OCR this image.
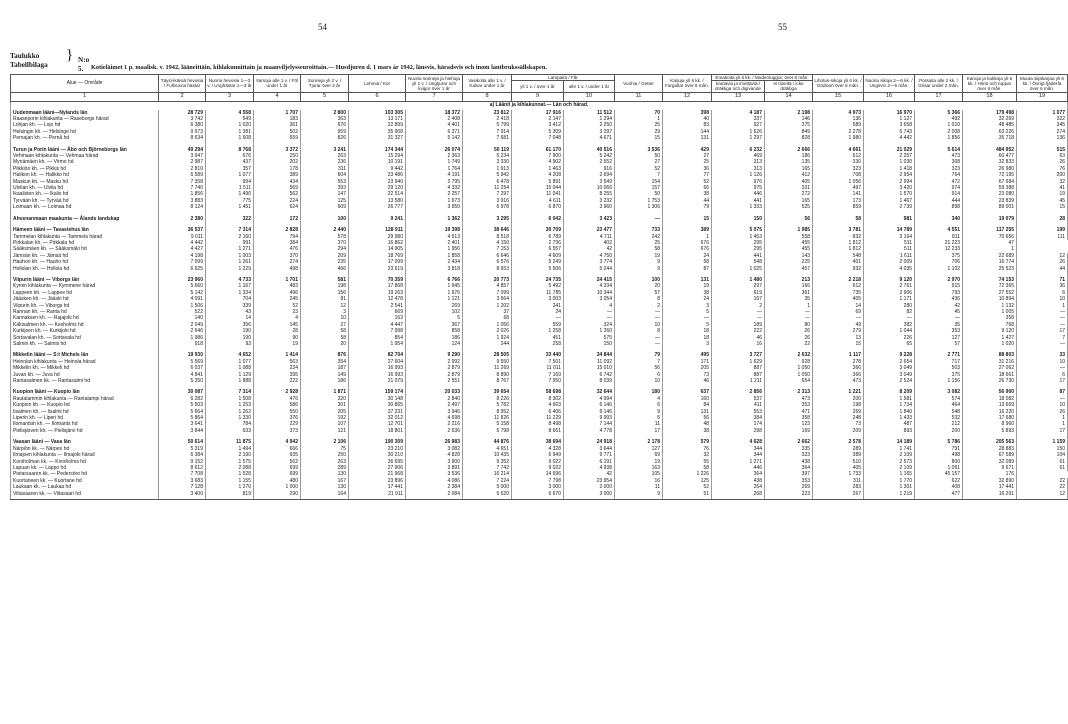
54	55
Taulukko
Tabellbilaga
} N:o 5.	Kotieläimet 1 p. maalisk. v. 1942, lääneittäin, kihlakunnittain ja maanviljelysseuroittain.— Husdjuren d. 1 mars år 1942, länsvis, häradsvis och inom lantbrukssällskapen.
Alue — Område	Täysi-ikäisiä hevosia / Fullvuxna hästar	Nuoria hevosia 1—3 v. / Unghästar 1—3 år	Varsoja alle 1 v. / Föl under 1 år	Sonneja yli 2 v. / Tjurar över 2 år	Lehmiä / Kor	Nuoria sonneja ja hiehoja yli 1 v. / Ungtjurar och kvigor över 1 år	Vasikoita alle 1 v. / Kalvar under 1 år	Lampaita / Får		Vuohia / Getter	Karjuja yli 6 kk. / Fargaltar över 6 mån.	Emakoita yli 6 kk. / Modersuggor, över 6 mån.		Lihotus-sikoja yli 6 kk. / Gödsvin över 6 mån.	Nuoria sikoja 2—6 kk. / Ungsvin 2—6 mån.	Porsaita alle 2 kk. / Grisar under 2 mån.	Kanoja ja kukkoja yli 6 kk. / Höns och tuppar över 6 mån.	Muuta siipikarjaa yli 6 kk. / Övrigt fjäderfä över 6 mån.
								yli 1 v. / över 1 år	alle 1 v. / under 1 år			kantavia ja imettäviä / dräktiga och digivande	ei tiineitä / icke dräktiga					
1	2	3	4	5	6	7	8	9	10	11	12	13	14	15	16	17	18	19
a) Läänit ja kihlakunnat.— Län och härad.																		
Uudenmaan lääni—Nylands län	28 729	4 558	1 707	2 800	103 305	18 372	23 812	17 916	11 512	70	398	4 187	2 198	4 973	16 970	5 366	179 498	1 077
Raaseporin kihlakunta — Raseborgs härad	3 742	549	183	363	13 171	2 408	2 418	2 147	1 294	1	40	337	146	136	1 127	492	32 269	322
Lohjan kh. — Lojo hd	6 380	1 020	361	676	22 899	4 401	5 799	3 412	2 250	25	83	927	375	589	3 658	1 010	48 485	345
Helsingin kh. — Helsinge hd	9 973	1 381	502	959	35 908	6 371	7 914	5 309	3 297	29	144	1 626	849	2 278	6 743	2 008	63 226	274
Pernajan kh. — Pernå hd	8 634	1 608	659	826	31 327	5 142	7 681	7 048	4 671	15	131	1 297	828	1 980	4 442	1 856	35 718	136

Turun ja Porin lääni — Åbo och Björneborgs län	49 294	8 768	3 372	3 241	174 344	26 074	50 119	61 170	40 516	3 536	429	6 232	2 666	4 661	21 029	5 614	484 952	515
Vehmaan kihlakunta — Vehmaa härad	3 947	676	250	263	15 294	2 363	5 234	7 900	5 242	50	27	469	186	612	2 257	473	60 477	63
Mynämäen kh. — Virmo hd	2 987	437	202	236	10 191	1 749	3 330	4 902	2 552	27	25	313	135	330	1 030	308	32 833	26
Piikkiön kh. — Pikkis hd	2 810	357	178	311	9 442	1 764	1 913	1 463	916	52	36	313	165	323	1 418	323	26 980	76
Halikon kh. — Halikko hd	6 589	1 077	389	604	23 486	4 191	5 942	4 208	2 694	7	77	1 126	412	708	2 954	764	72 195	200
Maskun kh. — Masku hd	7 358	994	434	553	23 940	3 795	6 478	5 891	3 549	154	52	976	405	1 056	2 994	472	67 684	32
Ulvilan kh. — Ulvila hd	7 740	1 511	569	393	29 120	4 332	11 254	15 044	10 066	157	66	975	331	497	3 420	974	59 388	41
Ikaalisten kh. — Ikalis hd	1 856	1 490	562	147	22 514	2 257	7 297	11 041	8 255	50	38	446	272	141	1 570	914	23 080	19
Tyrvään kh. — Tyrvää hd	3 883	775	224	125	13 580	1 673	3 916	4 611	3 232	1 753	44	441	165	173	1 467	444	23 839	45
Loimaan kh. — Loimaa hd	8 124	1 451	624	609	26 777	3 950	6 978	6 870	3 960	1 306	79	1 333	525	859	2 739	898	89 001	15

Ahvenanmaan maakunta — Ålands landskap	2 380	322	172	100	9 241	1 362	3 295	6 042	3 423	—	15	150	56	58	981	340	19 079	28

Hämeen lääni — Tavastehus län	36 537	7 314	2 828	2 440	128 911	19 398	38 646	30 709	23 477	733	389	5 075	1 985	3 781	14 789	4 551	117 255	199
Tammelan kihlakunta — Tammela härad	9 011	2 160	794	578	29 980	4 613	8 518	6 789	4 711	242	1	1 453	558	832	3 164	811	70 656	111
Pirkkalan kh. — Pirkkala hd	4 442	991	384	370	16 862	2 401	4 150	2 736	402	25	676	295	455	1 812	511	21 223	47	
Sääksmäen kh. — Sääksmäki hd	4 427	1 271	476	294	14 905	1 956	7 153	6 557	42	58	676	295	455	1 812	511	12 233	1	
Jämsän kh. — Jämsä hd	4 198	1 003	370	209	18 769	1 858	6 646	4 609	4 750	19	24	441	143	548	1 611	375	22 689	12
Hauhon kh. — Hauho hd	7 099	1 261	274	235	17 099	2 434	6 576	5 249	3 774	9	58	548	225	401	2 009	706	16 774	26
Hollolan kh. — Hollola hd	6 625	1 229	498	466	23 619	3 818	8 653	5 506	5 244	9	87	1 025	457	932	4 035	1 102	25 523	44

Viipurin lääni — Viborgs län	23 960	4 733	1 701	581	70 359	6 766	20 773	24 735	24 415	100	131	1 480	213	2 218	9 120	2 970	74 153	71
Kymin kihlakunta — Kymmene härad	5 660	1 167	483	198	17 868	1 945	4 857	5 492	4 334	20	19	297	166	612	2 761	915	72 365	36
Lappeen kh. — Lappee hd	5 142	1 334	496	156	19 263	1 976	7 099	11 785	10 344	57	38	619	361	735	2 906	793	27 552	6
Jääsken kh. — Jääski hd	4 091	704	245	81	12 478	1 121	3 664	3 003	3 054	8	24	167	35	405	1 171	436	10 894	10
Viipurin kh. — Viborgs hd	1 506	339	52	12	2 541	269	1 202	241	4	2	3	2	1	14	280	42	1 132	1
Rannan kh. — Ranta hd	522	43	23	3	669	102	37	24	—	—	5	—	—	69	82	45	1 005	—
Kannaksen kh. — Rajajoki hd	140	14	4	10	163	5	68	—	—	—	—	—	—	—	—	—	358	—
Käkisalmen kh. — Kexholms hd	2 049	356	145	27	4 447	367	1 056	559	324	10	5	189	80	49	382	35	768	—
Kurkijoen kh. — Kurkijoki hd	2 646	190	28	58	7 998	858	2 026	1 258	1 260	8	18	222	26	279	1 044	353	9 120	17
Sortavalan kh. — Sortavala hd	1 986	190	90	58	854	186	1 924	451	575	—	18	46	26	13	226	127	1 427	7
Salmin kh. — Salmis hd	918	93	19	20	1 954	124	244	258	150	—	3	16	22	15	65	57	1 020	—

Mikkelin lääni — S:t Michels län	19 930	4 652	1 414	876	82 704	9 290	28 505	33 440	34 844	79	495	3 727	2 632	1 117	9 228	2 771	88 803	33
Heinolan kihlakunta — Heinola härad	5 569	1 077	563	354	27 604	2 992	9 550	7 501	11 092	7	171	1 629	928	278	2 654	717	31 216	10
Mikkelin kh. — Mikkeli hd	6 037	1 088	234	187	16 993	2 879	11 269	11 011	15 010	56	205	887	1 050	366	3 049	503	27 062	—
Juvan kh. — Juva hd	4 841	1 129	395	149	16 993	2 879	8 890	7 169	6 742	6	73	887	1 050	366	3 049	375	18 661	6
Rantasalmen kk. — Rantasalmi hd	5 350	1 888	222	186	21 079	2 551	8 767	7 950	8 039	10	46	1 211	654	473	2 524	1 156	26 730	17

Kuopion lääni — Kuopio län	30 087	7 314	2 928	1 871	159 174	20 033	39 654	58 698	32 644	180	637	2 856	2 313	1 221	8 209	3 082	56 900	87
Rautalammin kihlakunta — Rantalampi härad	6 282	1 508	476	320	30 148	2 840	8 226	8 302	4 994	4	160	537	473	200	1 581	574	18 082	—
Kuopion kh. — Kuopio hd	5 503	1 253	586	301	30 865	2 497	5 782	4 663	6 146	6	84	411	353	198	1 734	464	13 669	10
Iisalmen kh. — Iisalmi hd	5 664	1 262	550	205	37 231	3 946	8 952	6 406	6 146	9	131	553	471	269	1 840	548	16 220	26
Liperin kh. — Liperi hd	5 864	1 330	376	192	32 012	4 698	11 826	11 229	9 993	5	56	384	358	248	1 433	532	17 680	1
Ilomantsin kh. — Ilomants hd	3 641	784	229	107	12 701	2 216	5 158	8 498	7 144	11	48	174	123	73	487	212	8 960	1
Pielisjärven kh. — Pielisjärvi hd	3 844	633	373	121	18 801	2 636	5 798	8 661	4 778	17	38	298	169	209	893	200	5 893	17

Vaasan lääni — Vasa län	50 614	11 875	4 942	2 106	190 309	26 983	44 876	38 694	24 918	2 178	579	4 628	2 662	2 578	14 189	5 786	205 563	1 159
Närpiön kk. — Närpes hd	5 319	1 494	666	75	23 210	3 082	4 651	4 328	3 644	127	76	344	335	289	1 741	791	28 883	150
Ilmajoen kihlakunta — Ilmajoki härad	6 384	2 190	935	250	30 210	4 828	10 435	6 949	9 771	69	32	344	323	389	2 109	498	67 589	104
Korsholman kk. — Korsholms hd	9 152	1 575	562	263	36 695	3 900	9 352	9 022	6 191	19	55	1 271	438	510	2 573	800	32 089	61
Lapuan kk. — Lappo hd	8 612	2 088	699	289	27 906	3 891	7 742	9 022	4 938	163	58	446	364	405	2 109	1 091	9 671	61
Pietarsaaren kk. — Pedersöre hd	7 708	1 528	699	130	21 968	3 536	16 214	14 696	42	105	1 226	364	397	1 733	1 165	45 157	176	
Kuortaneen kk. — Kuortane hd	3 683	1 155	480	167	23 896	4 086	7 224	7 798	23 954	16	125	438	353	311	1 770	622	32 890	22
Laukaan kk. — Laukaa hd	7 128	1 270	1 000	130	17 441	2 384	5 000	3 000	2 000	11	52	264	269	283	1 301	408	17 441	22
Viitasaaren kk. — Viitasaari hd	3 400	819	290	164	21 911	2 084	5 620	6 670	3 000	9	51	268	223	267	1 219	477	16 291	12
